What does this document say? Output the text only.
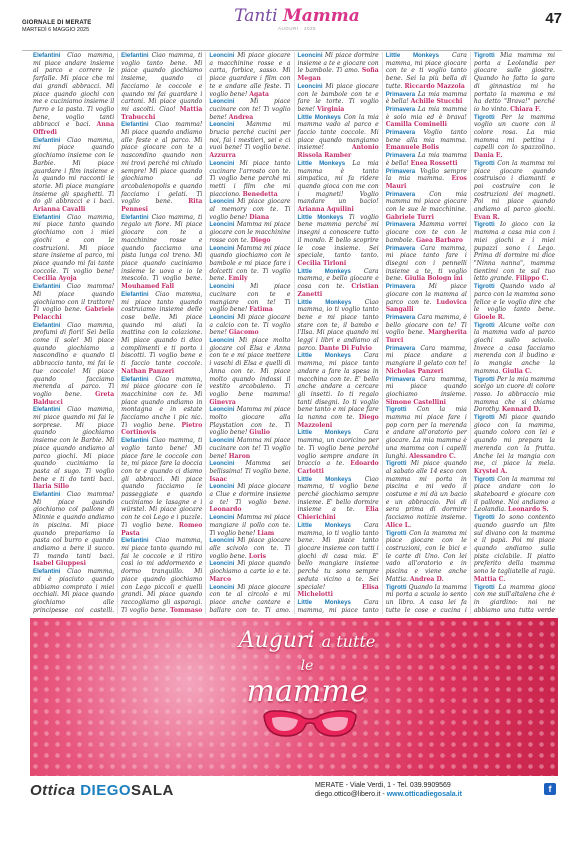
GIORNALE DI MERATE
MARTEDÌ 6 MAGGIO 2025
Tanti Mamma
AUGURI · 2025
47

Elefantini Ciao mamma, mi piace andare insieme al parco e correre le farfalle. Mi piace che mi dai grandi abbracci. Mi piace quando giochi con me e cuciniamo insieme il furro e la pasta. Ti voglio bene, voglio tanti abbracci e baci. Anna Offredi

Elefantini Ciao mamma, mi piace quando giochiamo insieme con le Barbie. Mi piace guardare i film insieme e la quando mi racconti le storie. Mi piace mangiare insieme gli spaghetti. Ti do gli abbracci e i baci. Arianna Cavalli

Elefantini Ciao mamma, mi piace tanto quando giochiamo con i miei giochi e con le costruzioni. Mi piace stare insieme al parco, mi piace quando mi fai tante coccole. Ti voglio bene! Cecilia Ayoja

Elefantini Ciao mamma! Mi piace quando giochiamo con il trattore! Ti voglio bene. Gabriele Pelacchi

Elefantini Ciao mamma, profumi di fiori! Sei bella come il sole! Mi piace quando giochiamo a nascondino e quando ti abbraccio tanto, mi fai le tue coccole! Mi piace quando facciamo merenda al parco. Ti voglio bene. Greta Balducci

Elefantini Ciao mamma, mi piace quando mi fai le sorprese. Mi piace quando giochiamo insieme con le Barbie. Mi piace quando andiamo al parco giochi. Mi piace quando cuciniamo la pasta al sugo. Ti voglio bene e ti do tanti baci. Ilaria Sillo

Elefantini Ciao mamma! Mi piace quando giochiamo col pallone di Minnie e quando andiamo in piscina. Mi piace quando prepariamo la pasta col burro e quando andiamo a bere il succo. Ti mando tanti baci. Isabel Giuppesi

Elefantini Ciao mamma, mi è piaciuto quando abbiamo comprato i miei occhiali. Mi piace quando giochiamo alle principesse coi castelli.

Elefantini Ciao mamma, ti voglio tanto bene. Mi piace quando giochiamo insieme, quando ci facciamo le coccole e quando mi fai guardare i cartoni. Mi piace quando mi ascolti. Ciao! Mattia Trabucchi

Elefantini Ciao mamma! Mi piace quando andiamo alle feste e al parco. Mi piace giocare con te a nascondino quando non mi trovi perché mi chiudo sempre! Mi piace quando giochiamo ad arcobalenopolis e quando facciamo i gelati. Ti voglio bene.	Rita Pennesi

Elefantini Ciao mamma, ti regalo un fiore. Mi piace giocare con te a macchinine rosse e quando facciamo una pista lunga col treno. Mi piace quando cuciniamo insieme le uova e io le mescolo. Ti voglio bene. Mouhamed Fall

Elefantini Ciao mamma, mi piace tanto quando costruiamo insieme delle cose belle. Mi piace quando mi aiuti la mattina con la colazione. Mi piace quando ti dico complimenti e ti porto i biscotti. Ti voglio bene e ti faccio tante coccole. Nathan Panzeri

Elefantini Ciao mamma, mi piace giocare con le macchinine con te. Mi piace quando andiamo in montagna e in estate facciamo anche i pic nic. Ti voglio bene. Pietro Cortinovis

Elefantini Ciao mamma, ti voglio tanto bene! Mi piace fare le coccole con te, mi piace fare la doccia con te e quando ci diamo gli abbracci. Mi piace quando facciamo le passeggiate e quando cuciniamo le lasagne e i würstel. Mi piace giocare con te coi Lego e i puzzle. Ti voglio bene. Romeo Pasta

Elefantini Ciao mamma, mi piace tanto quando mi fai le coccole e il ritiro così io mi addormento e dormo tranquillo. Mi piace quando giochiamo con Lego piccoli e quelli grandi. Mi piace quando raccogliamo gli asparagi. Ti voglio bene. Tommaso

Leoncini Mi piace giocare a macchinine rosse e a carta, forbice, sasso. Mi piace guardare i film con te e andare alle feste. Ti voglio bene! Agata

Leoncini	Mi piace cucinare con te! Ti voglio bene! Andrea

Leoncini Mamma mi brucia perché cucini per noi, fai i mestieri, sei e ci vuoi bene! Ti voglio bene. Azzurra

Leoncini Mi piace tanto cucinare l'arrosto con te. Ti voglio bene perché mi metti i film che mi piacciono. Benedetta

Leoncini Mi piace giocare al memory con te. Ti voglio bene! Diana

Leoncini Mamma mi piace giocare con le macchinine rosse con te. Diego

Leoncini Mamma mi piace quando giochiamo con le bambole e mi piace fare i dolcetti con te. Ti voglio bene. Emily

Leoncini	Mi piace cucinare con te e mangiare con te! Ti voglio bene! Fatima

Leoncini Mi piace giocare a calcio con te. Ti voglio bene! Giacomo

Leoncini Mi piace molto giocare col Elsa e Anna con te e mi piace mettere i vaschi di Elsa e quelli di Anna con te. Mi piace molto quando indossi il vestito arcobaleno. Ti voglio bene mamma! Ginevra

Leoncini Mamma mi piace molto giocare alla Playstation con te. Ti voglio bene! Giulio

Leoncini Mamma mi piace cucinare con te! Ti voglio bene! Haron

Leoncini Mamma sei bellissima! Ti voglio bene. Isaac

Leoncini Mi piace giocare a Clue e dormire insieme a te! Ti voglio bene. Leonardo

Leoncini Mamma mi piace mangiare il pollo con te. Ti voglio bene! Liam

Leoncini Mi piace giocare alle scivolo con te. Ti voglio bene. Loris

Leoncini Mi piace quando giochiamo a carte io e te. Marco

Leoncini Mi piace giocare con te al circolo e mi piace anche cantare e ballare con te. Ti amo.

Leoncini Mi piace dormire insieme a te e giocare con le bambole. Ti amo. Sofia Megan

Leoncini Mi piace giocare con le bambole con te e fare le torte. Ti voglio bene! Virginia

Little Monkeys Con la mia mamma vado al parco e faccio tante coccole. Mi piace quando mangiamo insieme!	Antonio Rissola Ramber

Little Monkeys La mia mamma è tanto simpatica, mi fa ridere quando gioca con me con i magneti! Voglio mandare un bacio! Arianna Aquilini

Little Monkeys Ti voglio bene mamma perché mi insegni a conoscere tutto il mondo. E bello scoprire le cose insieme. Sei speciale, tanto tanto. Cecilia Tirloni

Little Monkeys Cara mamma, e bello giocare e cosa con te. Cristian Zanetti

Little Monkeys Ciao mamma, io ti voglio tanto bene e mi piace tanto stare con te, il bambo e l'Ilsa. Mi piace quando mi leggi i libri e andiamo al parco. Dante Di Fulvio

Little Monkeys Cara mamma, mi piace tanto andare a fare la spesa in macchina con te. E' bello anche andare a cercare gli insetti. Io ti regalo tanti disegni. Io ti voglio bene tanto e mi piace fare la nanna con te. Diego Mazzoleni

Little Monkeys Cara mamma, un cuoricino per te. Ti voglio bene perché voglio sempre andare in braccio a te. Edoardo Carlotti

Little Monkeys Ciao mamma, ti voglio bene perché giochiamo sempre insieme. E' bello dormire insieme a te. Elia Chierichini

Little Monkeys Cara mamma, io ti voglio tanto bene. Mi piace tanto giocare insieme con tutti i giochi di casa mia. E' bello mangiare insieme perché tu sono sempre seduta vicino a te. Sei speciale!	Elisa Michelotti

Little Monkeys Cara mamma, mi piace tanto

Little Monkeys Cara mamma, mi piace giocare con te e ti voglio tanto bene. Sei la più bella di tutte. Riccardo Mazzola

Primavera La mia mamma è bella! Achille Stucchi

Primavera La mia mamma è solo mia ed è brava! Camilla Cominelli

Primavera Voglio tanto bene alla mia mamma. Emanuele Bolis

Primavera La mia mamma è bella! Enea Rossetti

Primavera Voglio sempre la mia mamma. Eros Mauri

Primavera Con mia mamma mi piace giocare con le sue le macchinine. Gabriele Turri

Primavera Mamma vorrei giocare con te con le bambole. Gaea Barbaro

Primavera Cara mamma, mi piace tanto fare i disegni con i pennelli insieme a te, ti voglio bene. Giulia Bologn ini

Primavera Mi piace giocare con la mamma al parco con te. Ludovica Sangalli

Primavera Cara mamma, è bello giocare con te! Ti voglio bene. Margherita Turci

Primavera Cara mamma, mi piace andare a mangiare il gelato con te! Nicholas Panzeri

Primavera Cara mamma, mi piace quando giochiamo insieme. Simone Castellini

Tigrotti Con la mia mamma mi piace fare i pop corn per la merenda e andare all'oratorio per giocare. La mia mamma è una mamma con i capelli lunghi. Alessandro C.

Tigrotti Mi piace quando al sabato alle 14 esco con mamma mi porta in piscina e mi vedo il costume e mi dà un bacio e un abbraccio. Poi di sera prima di dormire facciamo notizie insieme. Alice L.

Tigrotti Con la mamma mi piace giocare con le costruzioni, con le bici e le carte di Uno. Con lei vado all'oratorio e in piscina e viene anche Mattia. Andrea D.

Tigrotti Quando la mamma mi porta a scuola io sento un libro. A casa lei fa tutte le cose e cucina i

Tigrotti Mia mamma mi porta a Leolandia per giocare sulle giostre. Quando ho fatto la gara di ginnastica mi ha portato la mamma e mi ha detto "Brava!" perché io ho vinto. Chiara F.

Tigrotti Per la mamma voglio un cuore con il colore rosa. La mia mamma mi pettina i capelli con lo spazzolino. Dania E.

Tigrotti Con la mamma mi piace giocare quando costruisco i diamanti e poi costruire con le costruzioni dei magneti. Poi mi piace quando andiamo al parco giochi. Evan R.

Tigrotti Io gioco con la mamma a casa mia con i miei giochi e i miei pupazzi sono i Lego. Prima di dormire mi dice "Ninna nanna", mamma tientimi con te sul tuo letto grande. Filippo C.

Tigrotti Quando vado al parco con la mamma sono felice e le voglio dire che le voglio tanto bene. Gioele R.

Tigrotti Alcune volte con la mamma vado al parco giochi sullo scivolo. Invece a casa facciamo merenda con il budino e lo mangia anche la mamma. Giulia C.

Tigrotti Per la mia mamma scelgo un cuore di colore rosso. Io abbraccio mia mamma che si chiama Dorothy. Kennard D.

Tigrotti Mi piace quando gioco con la mamma, quando coloro con lei e quando mi prepara la merenda con la frutta. Anche lei la mangia con me, ci piace la mela. Krystel A.

Tigrotti Con la mamma mi piace andare con lo skateboard e giocare con il pallone. Noi andiamo a Leolandia. Leonardo S.

Tigrotti Io sono contento quando guardo un film sul divano con la mamma e il papà. Poi mi piace quando andiamo sulla pista ciclabile. Il piatto preferito della mamma sono le tagliatelle al ragù. Mattia C.

Tigrotti La mamma gioca con me sull'altalena che è in giardino: noi ne abbiamo una tutta verde

Auguri a tutte
le
mamme
Ottica DIEGOSALA	MERATE - Viale Verdi, 1 - Tel. 039.9909569
diego.ottico@libero.it - www.otticadiegosala.it
f
